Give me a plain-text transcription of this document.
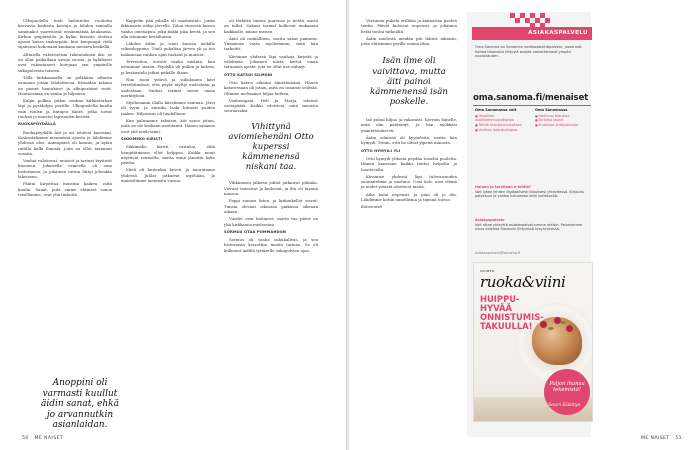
Ulkopuolella tuuli heiluttelee ruokotta kasvavia korkeita koivuja ja lahden rannalla sammakot suorittavat ensimmäisiä kuukausia. Kirkon ympäristön ja kylän historia ulottuu ajassa kauas taaksepäin, kun kaupungit vielä sijaitsivat kokonaan kaukana metsien keskellä.

Alttarilla vahvistettiin rakennuksen ikä: se on ollut paikallaan satoja vuosia, ja kyläläiset ovat rakentaneet kotejaan sen ympärille sukupolvesta toiseen.

Tällä kirkkomaalla on pelkkään alttarin suunnan jotain lohduttavaa. Kiviaidan takana on pienet hautakivet ja alkuperäiset ristit. Hautausmaa on vanha ja hiljainen.

Kuljin polkua pitkin vanhan kirkkotarhan läpi ja pysähdyin portille. Ulkopuolella kuulin vain tuulen ja lintujen äänet, jotka toivat rauhan ja muistot lapsuuden kesistä.

RUOKAPÖYDÄLLÄ

Ruokapöydällä Äiti ja isä istuivat kanssani. Keskustelimme menneistä ajoista ja lähdimme yhdessä ulos. Aamupäivä oli kaunis, ja kylän raitilla kulki ihmisiä, joita en ollut tavannut vuosiin.

Vanhat valokuvat, muistot ja tarinat täyttivät huoneen. Jokaisella esineellä oli oma historiansa, ja jokainen tarina liittyi johonkin läheiseen.

Päätin kirjoittaa muistiin kaiken, mitä kuulin. Sanat, joita emme ehtineet sanoa toisillemme, ovat yhä tärkeitä.

Anoppini oli varmasti kuullut äidin sanat, ehkä jo arvannutkin asianlaidan.

Kappelin pää pihalla oli maalaistalo, jonka ikkunoista näkyi järvelle. Talon vieressä kasvoi vanha omenapuu, joka kukki joka kevät, ja sen alla istuimme kesäiltaisin.

Lähden äitini ja isäni kanssa mökille viikonloppuna. Tuuli puhaltaa järven yli ja tuo mukanaan vanhan ajan tuoksut ja muistot.

Tervetuloa, toivotti vanha emäntä, kun astuimme sisään. Pöydällä oli pullaa ja kahvia, ja keskustelu jatkui pitkälle iltaan.

Niin moni ystävä ja sukulainen kävi tervehtimässä, että pöytä täyttyi uudestaan ja uudestaan. Vanhat tarinat saivat uusia merkityksiä.

Myöhemmin illalla kävelimme rantaan. Järvi oli tyyni, ja aurinko laski hitaasti puiden taakse. Hiljaisuus oli täydellinen.

Kun palasimme takaisin, äiti sanoi jotain, mitä en ole koskaan unohtanut. Hänen sanansa ovat yhä mielessäni.

SIKKIMEKO KIRISTI

Sikkimeko kiristi vartaloa, eikä hengittäminen ollut helppoa. Kaikki muut näyttivät rennoilta, mutta minä jännitin koko päivän.

Mieli oli kuitenkin keveä, ja nauroimme yhdessä. Juhlat jatkuivat myöhään, ja muistelimme menneitä vuosia.

oli tärkeää tuntea juurensa ja tietää, mistä on tullut. Sukuni tarinat kulkevat mukanani kaikkialle, minne menen.

Ääni oli rauhallinen, mutta sanat painavia. Ymmärsin vasta myöhemmin, mitä hän tarkoitti.

Kävimme yhdessä läpi vanhoja kirjeitä ja valokuvia. Jokainen niistä kertoi oman tarinansa ajasta, jota en ollut itse nähnyt.

OTTO KATSOI SILMIINI

Otto katsoi silmiini äänettömänä. Hänen katseessaan oli jotain, mitä en osannut selittää. Olimme molemmat hiljaa hetken.

Vanhempani, Heli ja Marja, istuivat vastapäätä. Kaikki odottivat, mitä sanoisin seuraavaksi.

Vihittynä aviomiehenäni Otto kuperssi kämmenensä niskani taa.

Vihkimisen jälkeen juhlat jatkuivat pitkään. Vieraat tanssivat ja lauloivat, ja ilta oli täynnä naurua.

Pappi siunasi liiton, ja kirkonkellot soivat. Tunsin olevani oikeassa paikassa oikeaan aikaan.

Vuodet ovat kuluneet, mutta tuo päivä on yhä kirkkaana mielessäni.

SORMUS OTAA POMMAHDON

Sormus oli vanha sukukalleus, ja sen historiasta kerrottiin monta tarinaa. Se oli kulkenut äidiltä tyttärelle sukupolvien ajan.

50 ME NAISET

Verisinen puhelu erillään ja kannattaa puolen tuntia. Päivät kuluivat nopeasti, ja jokainen hetki tuntui tärkeältä.

Äidin mielestä meidän piti lähteä aikaisin, jotta ehtisimme perille ennen iltaa.

Isän ilme oli vaivittava, mutta äiti painoi kämmenensä isän poskelle.

Isä puhui hiljaa ja vakavasti. Kerroin hänelle, mitä olin päättänyt, ja hän nyökkäsi ymmärtäväisesti.

Äidin silmissä oli kyyneleitä, mutta hän hymyili. Tiesin, että he olivat ylpeitä minusta.

OTTO HYMYILI YLI

Otto hymyili ylitseni pöydän toiselta puolelta. Hänen kanssaan kaikki tuntui helpolta ja luontevalta.

Kävimme yhdessä läpi tulevaisuuden suunnitelmia ja unelmia. Uusi koti, uusi elämä ja uudet ystävät odottivat meitä.

Aika kului nopeasti, ja pian oli jo ilta. Lähdimme kotiin onnellisina ja täynnä toivoa.

Kolumnisti

ME NAISET 51
ASIAKASPALVELU
Oma Sanoma on Sanoman verkkoasiointipalvelu, jossa voit hoitaa tilauksiisi liittyviä asioita vaivattomasti ympäri vuorokauden.
oma.sanoma.fi/menaiset
Oma Sanomassa voit
■ Ilmoittaa osoitteenmuutoksesta
■ Tehdä tilapäismuutoksen
■ Vaihtaa laskutustapaa
Oma Sanomassa
■ Hallinnoi tilauksia
■ Tarkista laskut
■ Muokkaa yhteystietoja
Haluan ja tarvitsen e-lehtiä?
Voit lukea lehden digitaalisesti tilauksesi yhteydessä. Kirjaudu palveluun ja valitse haluamasi lehti luettavaksi.
Asiakaspalvelu
Voit ottaa yhteyttä asiakaspalveluumme arkisin. Palvelemme sinua kaikissa tilauksiin liittyvissä kysymyksissä.
asiakaspalvelu@sanoma.fi
SUOMEN
ruoka&viini
HUIPPU-HYVÄÄ ONNISTUMIS-TAKUULLA!
Paljon ihanaa tekemistä!
Souri Käsitys
